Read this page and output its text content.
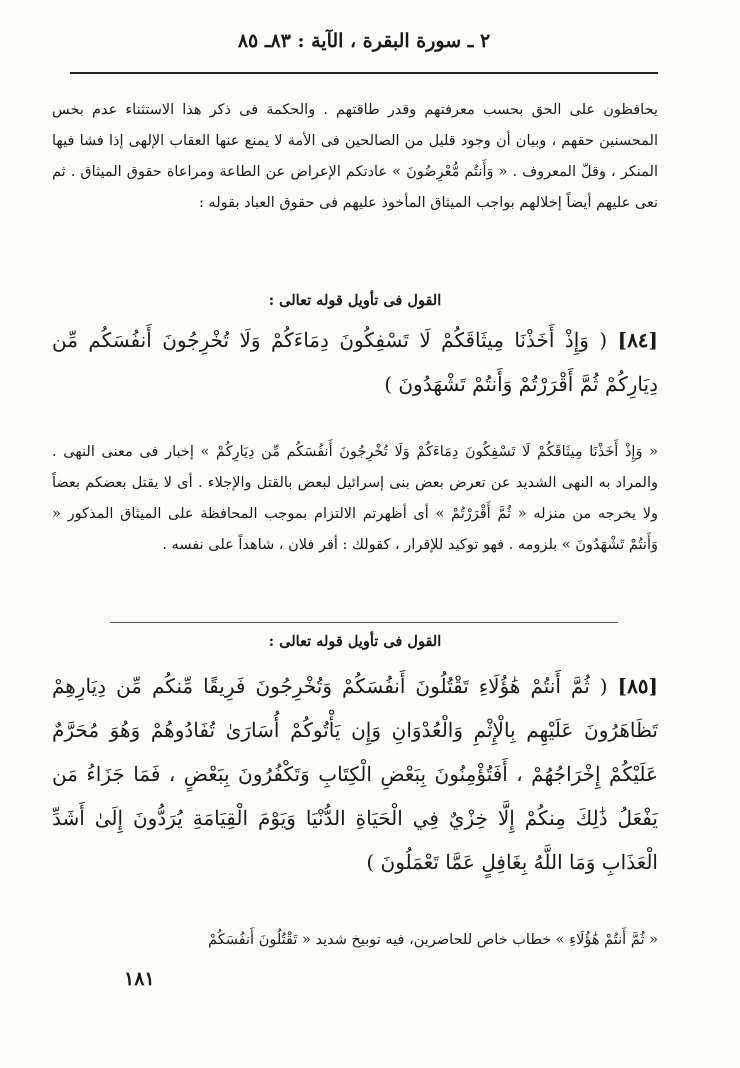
٢ ـ سورة البقرة ، الآية : ٨٣ـ ٨٥

يحافظون على الحق بحسب معرفتهم وقدر طاقتهم . والحكمة فى ذكر هذا الاستثناء عدم بخس المحسنين حقهم ، وبيان أن وجود قليل من الصالحين فى الأمة لا يمنع عنها العقاب الإلهى إذا فشا فيها المنكر ، وقلّ المعروف . « وَأَنتُم مُّعْرِضُونَ » عادتكم الإعراض عن الطاعة ومراعاة حقوق الميثاق . ثم نعى عليهم أيضاً إخلالهم بواجب الميثاق المأخوذ عليهم فى حقوق العباد بقوله :

القول فى تأويل قوله تعالى :
[٨٤] ( وَإِذْ أَخَذْنَا مِيثَاقَكُمْ لَا تَسْفِكُونَ دِمَاءَكُمْ وَلَا تُخْرِجُونَ أَنفُسَكُم مِّن دِيَارِكُمْ ثُمَّ أَقْرَرْتُمْ وَأَنتُمْ تَشْهَدُونَ )

« وَإِذْ أَخَذْنَا مِيثَاقَكُمْ لَا تَسْفِكُونَ دِمَاءَكُمْ وَلَا تُخْرِجُونَ أَنفُسَكُم مِّن دِيَارِكُمْ » إخبار فى معنى النهى . والمراد به النهى الشديد عن تعرض بعض بنى إسرائيل لبعض بالقتل والإجلاء . أى لا يقتل بعضكم بعضاً ولا يخرجه من منزله « ثُمَّ أَقْرَرْتُمْ » أى أظهرتم الالتزام بموجب المحافظة على الميثاق المذكور « وَأَنتُمْ تَشْهَدُونَ » بلزومه . فهو توكيد للإقرار ، كقولك : أقر فلان ، شاهداً على نفسه .

القول فى تأويل قوله تعالى :
[٨٥] ( ثُمَّ أَنتُمْ هَٰؤُلَاءِ تَقْتُلُونَ أَنفُسَكُمْ وَتُخْرِجُونَ فَرِيقًا مِّنكُم مِّن دِيَارِهِمْ تَظَاهَرُونَ عَلَيْهِم بِالْإِثْمِ وَالْعُدْوَانِ وَإِن يَأْتُوكُمْ أُسَارَىٰ تُفَادُوهُمْ وَهُوَ مُحَرَّمٌ عَلَيْكُمْ إِخْرَاجُهُمْ ، أَفَتُؤْمِنُونَ بِبَعْضِ الْكِتَابِ وَتَكْفُرُونَ بِبَعْضٍ ، فَمَا جَزَاءُ مَن يَفْعَلُ ذَٰلِكَ مِنكُمْ إِلَّا خِزْيٌ فِي الْحَيَاةِ الدُّنْيَا وَيَوْمَ الْقِيَامَةِ يُرَدُّونَ إِلَىٰ أَشَدِّ الْعَذَابِ وَمَا اللَّهُ بِغَافِلٍ عَمَّا تَعْمَلُونَ )

« ثُمَّ أَنتُمْ هَٰؤُلَاءِ » خطاب خاص للحاضرين، فيه توبيخ شديد « تَقْتُلُونَ أَنفُسَكُمْ

١٨١
